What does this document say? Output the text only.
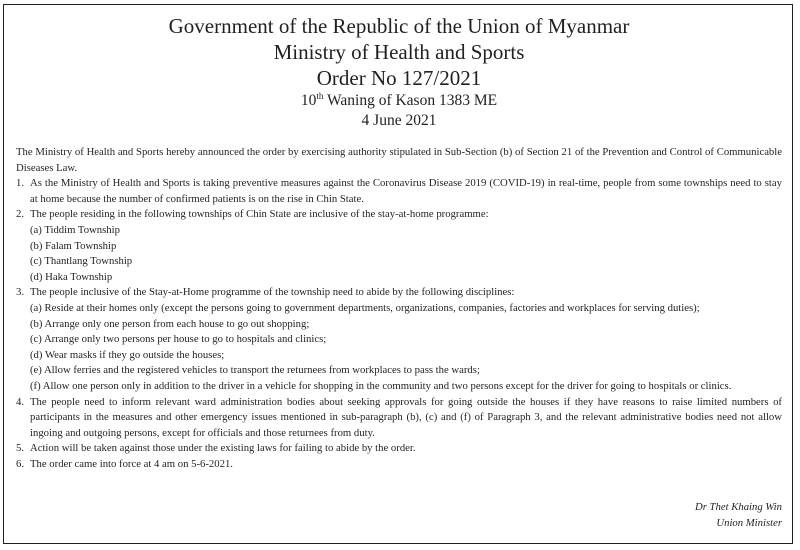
Government of the Republic of the Union of Myanmar
Ministry of Health and Sports
Order No 127/2021
10th Waning of Kason 1383 ME
4 June 2021

The Ministry of Health and Sports hereby announced the order by exercising authority stipulated in Sub-Section (b) of Section 21 of the Prevention and Control of Communicable Diseases Law.

1. As the Ministry of Health and Sports is taking preventive measures against the Coronavirus Disease 2019 (COVID-19) in real-time, people from some townships need to stay at home because the number of confirmed patients is on the rise in Chin State.
2. The people residing in the following townships of Chin State are inclusive of the stay-at-home programme:

(a) Tiddim Township

(b) Falam Township

(c) Thantlang Township

(d) Haka Township

3. The people inclusive of the Stay-at-Home programme of the township need to abide by the following disciplines:

(a) Reside at their homes only (except the persons going to government departments, organizations, companies, factories and workplaces for serving duties);

(b) Arrange only one person from each house to go out shopping;

(c) Arrange only two persons per house to go to hospitals and clinics;

(d) Wear masks if they go outside the houses;

(e) Allow ferries and the registered vehicles to transport the returnees from workplaces to pass the wards;

(f) Allow one person only in addition to the driver in a vehicle for shopping in the community and two persons except for the driver for going to hospitals or clinics.

4. The people need to inform relevant ward administration bodies about seeking approvals for going outside the houses if they have reasons to raise limited numbers of participants in the measures and other emergency issues mentioned in sub-paragraph (b), (c) and (f) of Paragraph 3, and the relevant administrative bodies need not allow ingoing and outgoing persons, except for officials and those returnees from duty.
5. Action will be taken against those under the existing laws for failing to abide by the order.
6. The order came into force at 4 am on 5-6-2021.
Dr Thet Khaing Win
Union Minister
